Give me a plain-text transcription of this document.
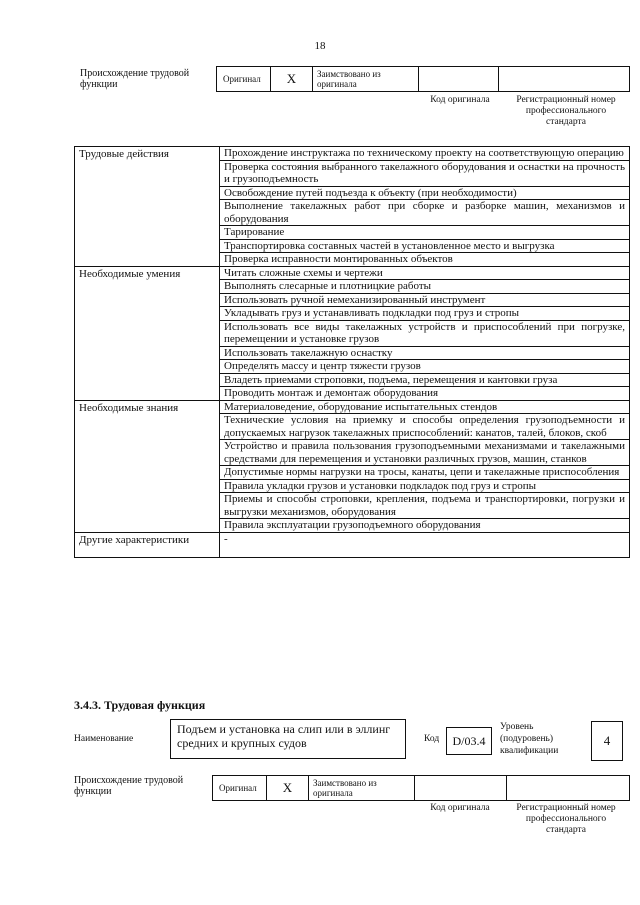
18
Происхождение трудовой функции	Оригинал	X	Заимствовано из оригинала
Код оригинала	Регистрационный номер профессионального стандарта
Трудовые действия	Прохождение инструктажа по техническому проекту на соответствующую операцию
	Проверка состояния выбранного такелажного оборудования и оснастки на прочность и грузоподъемность
	Освобождение путей подъезда к объекту (при необходимости)
	Выполнение такелажных работ при сборке и разборке машин, механизмов и оборудования
	Тарирование
	Транспортировка составных частей в установленное место и выгрузка
	Проверка исправности монтированных объектов
Необходимые умения	Читать сложные схемы и чертежи
	Выполнять слесарные и плотницкие работы
	Использовать ручной немеханизированный инструмент
	Укладывать груз и устанавливать подкладки под груз и стропы
	Использовать все виды такелажных устройств и приспособлений при погрузке, перемещении и установке грузов
	Использовать такелажную оснастку
	Определять массу и центр тяжести грузов
	Владеть приемами строповки, подъема, перемещения и кантовки груза
	Проводить монтаж и демонтаж оборудования
Необходимые знания	Материаловедение, оборудование испытательных стендов
	Технические условия на приемку и способы определения грузоподъемности и допускаемых нагрузок такелажных приспособлений: канатов, талей, блоков, скоб
	Устройство и правила пользования грузоподъемными механизмами и такелажными средствами для перемещения и установки различных грузов, машин, станков
	Допустимые нормы нагрузки на тросы, канаты, цепи и такелажные приспособления
	Правила укладки грузов и установки подкладок под груз и стропы
	Приемы и способы строповки, крепления, подъема и транспортировки, погрузки и выгрузки механизмов, оборудования
	Правила эксплуатации грузоподъемного оборудования
Другие характеристики	-
3.4.3. Трудовая функция
Наименование
Подъем и установка на слип или в эллинг средних и крупных судов	Код	D/03.4
Уровень (подуровень) квалификации
4
Происхождение трудовой функции	Оригинал	X	Заимствовано из оригинала
Код оригинала	Регистрационный номер профессионального стандарта
